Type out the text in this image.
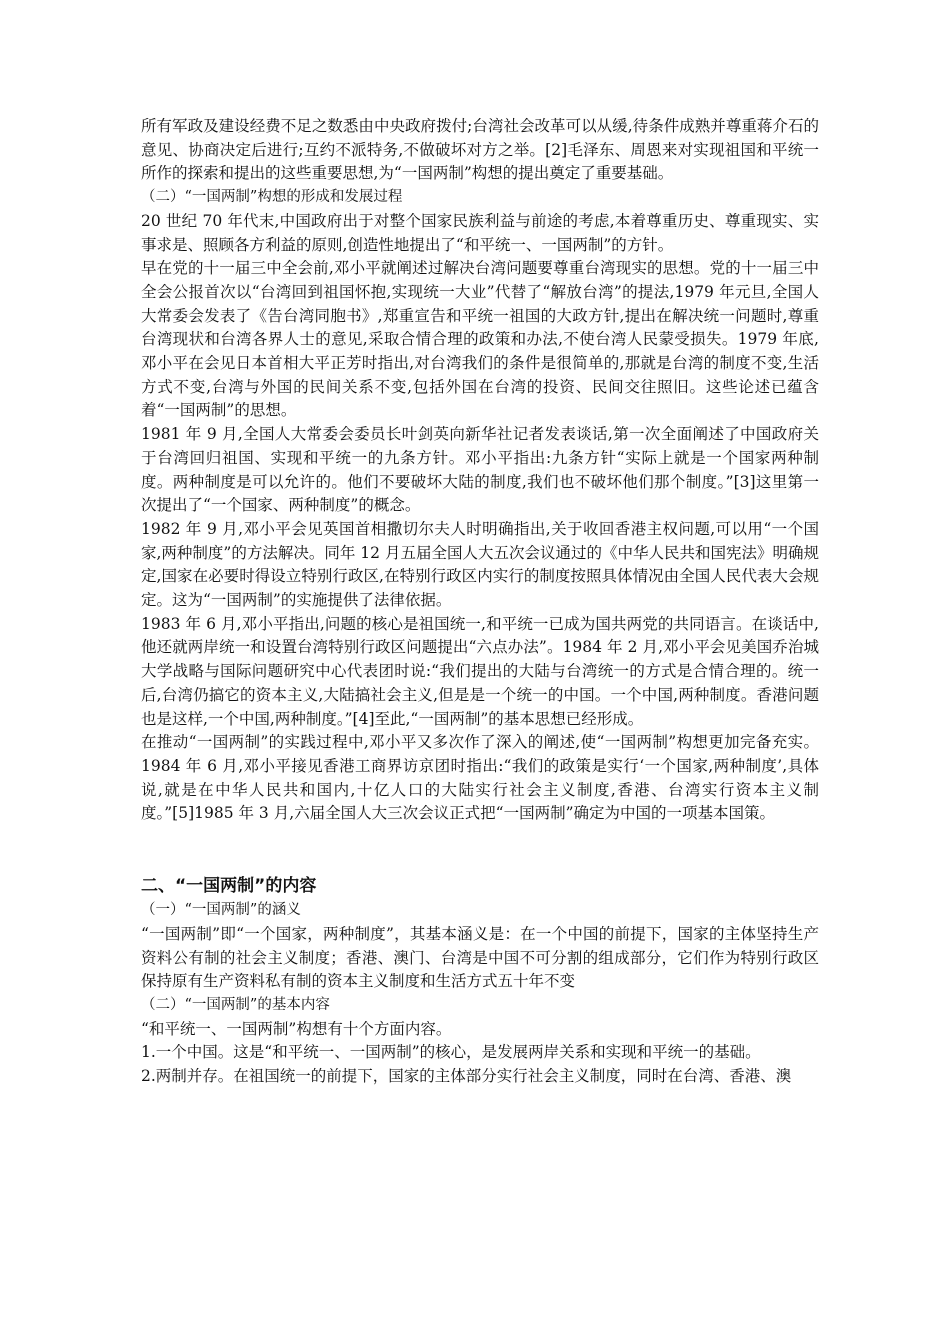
所有军政及建设经费不足之数悉由中央政府拨付;台湾社会改革可以从缓,待条件成熟并尊重蒋介石的意见、协商决定后进行;互约不派特务,不做破坏对方之举。[2]毛泽东、周恩来对实现祖国和平统一所作的探索和提出的这些重要思想,为“一国两制”构想的提出奠定了重要基础。

（二）“一国两制”构想的形成和发展过程

20 世纪 70 年代末,中国政府出于对整个国家民族利益与前途的考虑,本着尊重历史、尊重现实、实事求是、照顾各方利益的原则,创造性地提出了“和平统一、一国两制”的方针。

早在党的十一届三中全会前,邓小平就阐述过解决台湾问题要尊重台湾现实的思想。党的十一届三中全会公报首次以“台湾回到祖国怀抱,实现统一大业”代替了“解放台湾”的提法,1979 年元旦,全国人大常委会发表了《告台湾同胞书》,郑重宣告和平统一祖国的大政方针,提出在解决统一问题时,尊重台湾现状和台湾各界人士的意见,采取合情合理的政策和办法,不使台湾人民蒙受损失。1979 年底,邓小平在会见日本首相大平正芳时指出,对台湾我们的条件是很简单的,那就是台湾的制度不变,生活方式不变,台湾与外国的民间关系不变,包括外国在台湾的投资、民间交往照旧。这些论述已蕴含着“一国两制”的思想。

1981 年 9 月,全国人大常委会委员长叶剑英向新华社记者发表谈话,第一次全面阐述了中国政府关于台湾回归祖国、实现和平统一的九条方针。邓小平指出:九条方针“实际上就是一个国家两种制度。两种制度是可以允许的。他们不要破坏大陆的制度,我们也不破坏他们那个制度。”[3]这里第一次提出了“一个国家、两种制度”的概念。

1982 年 9 月,邓小平会见英国首相撒切尔夫人时明确指出,关于收回香港主权问题,可以用“一个国家,两种制度”的方法解决。同年 12 月五届全国人大五次会议通过的《中华人民共和国宪法》明确规定,国家在必要时得设立特别行政区,在特别行政区内实行的制度按照具体情况由全国人民代表大会规定。这为“一国两制”的实施提供了法律依据。

1983 年 6 月,邓小平指出,问题的核心是祖国统一,和平统一已成为国共两党的共同语言。在谈话中,他还就两岸统一和设置台湾特别行政区问题提出“六点办法”。1984 年 2 月,邓小平会见美国乔治城大学战略与国际问题研究中心代表团时说:“我们提出的大陆与台湾统一的方式是合情合理的。统一后,台湾仍搞它的资本主义,大陆搞社会主义,但是是一个统一的中国。一个中国,两种制度。香港问题也是这样,一个中国,两种制度。”[4]至此,“一国两制”的基本思想已经形成。

在推动“一国两制”的实践过程中,邓小平又多次作了深入的阐述,使“一国两制”构想更加完备充实。1984 年 6 月,邓小平接见香港工商界访京团时指出:“我们的政策是实行‘一个国家,两种制度’,具体说,就是在中华人民共和国内,十亿人口的大陆实行社会主义制度,香港、台湾实行资本主义制度。”[5]1985 年 3 月,六届全国人大三次会议正式把“一国两制”确定为中国的一项基本国策。

二、“一国两制”的内容

（一）“一国两制”的涵义

“一国两制”即“一个国家，两种制度”，其基本涵义是：在一个中国的前提下，国家的主体坚持生产资料公有制的社会主义制度；香港、澳门、台湾是中国不可分割的组成部分，它们作为特别行政区保持原有生产资料私有制的资本主义制度和生活方式五十年不变

（二）“一国两制”的基本内容

“和平统一、一国两制”构想有十个方面内容。

1.一个中国。这是“和平统一、一国两制”的核心，是发展两岸关系和实现和平统一的基础。

2.两制并存。在祖国统一的前提下，国家的主体部分实行社会主义制度，同时在台湾、香港、澳
